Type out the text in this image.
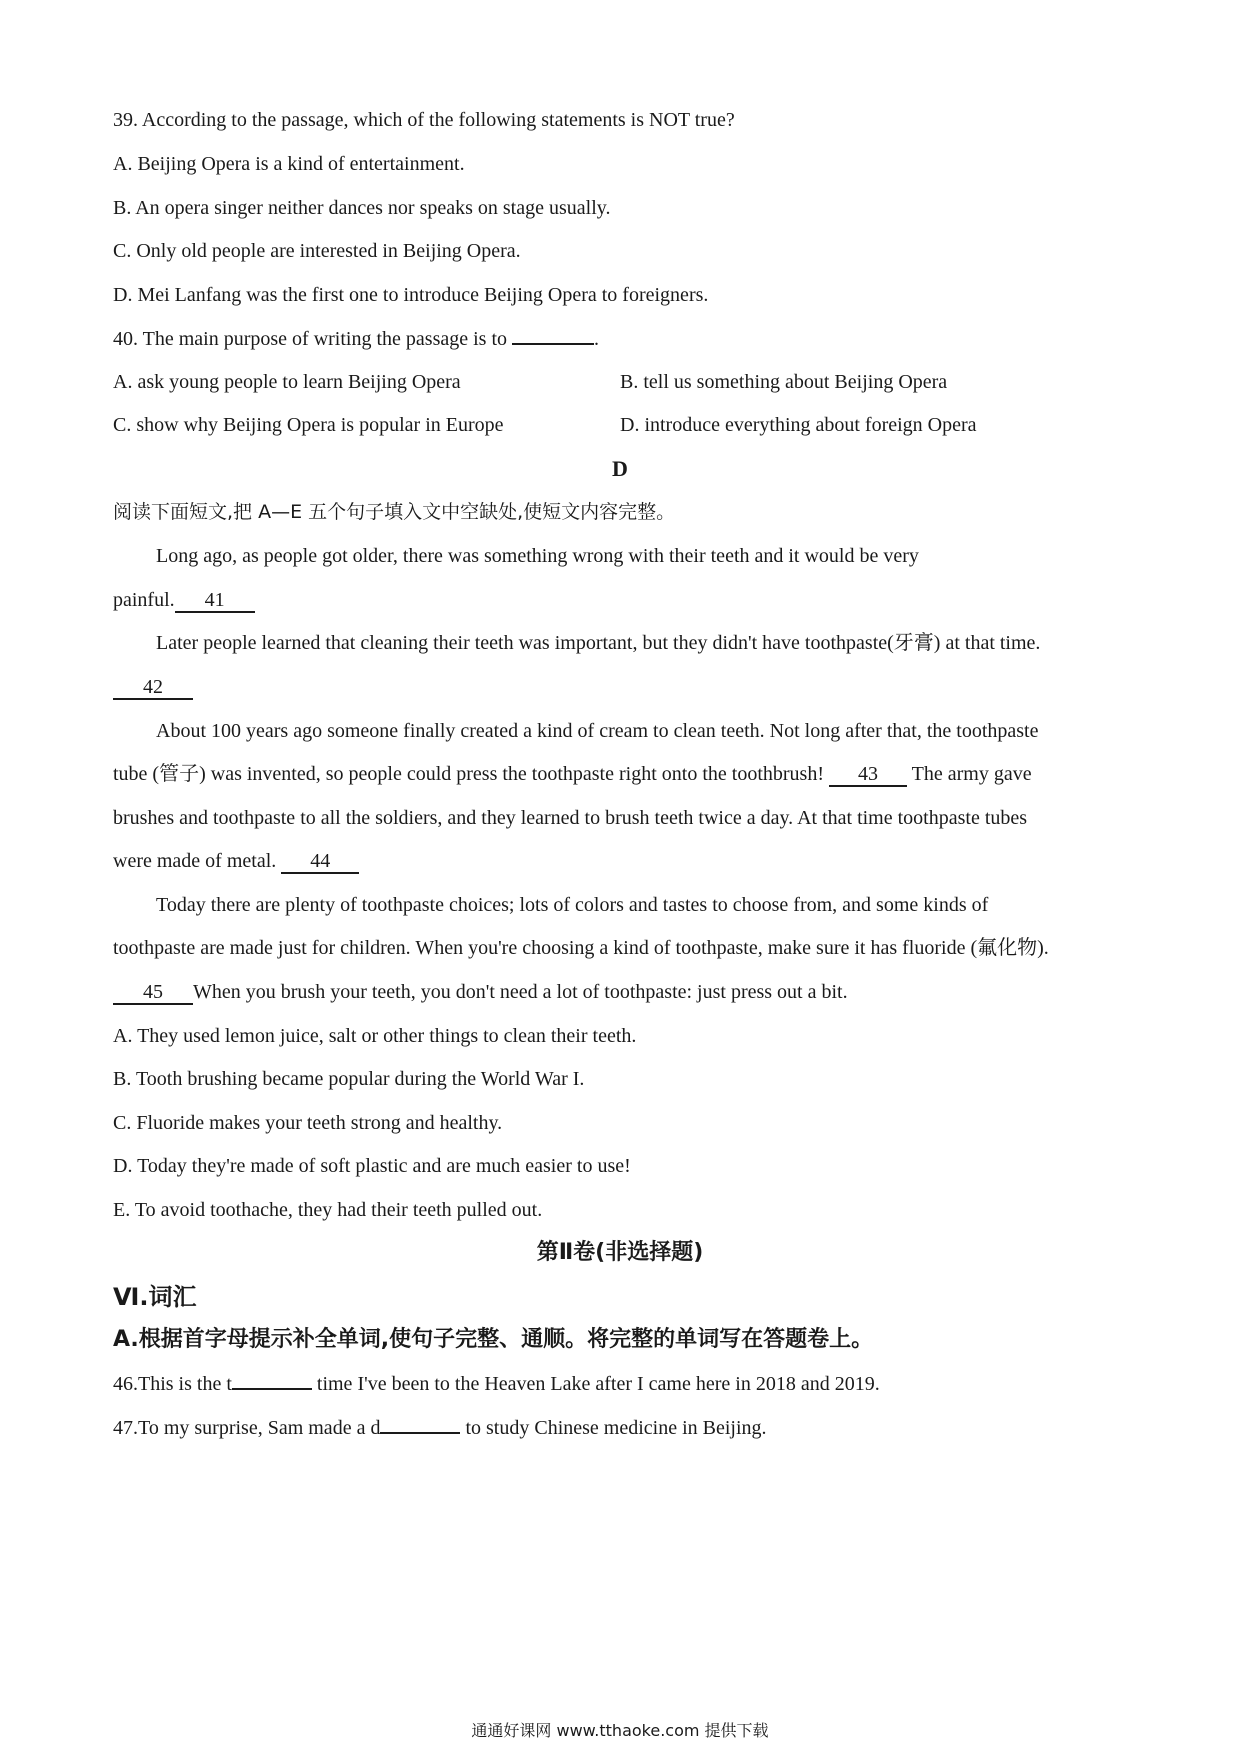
39. According to the passage, which of the following statements is NOT true?
A. Beijing Opera is a kind of entertainment.
B. An opera singer neither dances nor speaks on stage usually.
C. Only old people are interested in Beijing Opera.
D. Mei Lanfang was the first one to introduce Beijing Opera to foreigners.
40. The main purpose of writing the passage is to	.
A. ask young people to learn Beijing Opera	B. tell us something about Beijing Opera
C. show why Beijing Opera is popular in Europe	D. introduce everything about foreign Opera
D
阅读下面短文,把 A—E 五个句子填入文中空缺处,使短文内容完整。
Long ago, as people got older, there was something wrong with their teeth and it would be very
painful. 41
Later people learned that cleaning their teeth was important, but they didn't have toothpaste(牙膏) at that time.
42
About 100 years ago someone finally created a kind of cream to clean teeth. Not long after that, the toothpaste
tube (管子) was invented, so people could press the toothpaste right onto the toothbrush! 43 The army gave
brushes and toothpaste to all the soldiers, and they learned to brush teeth twice a day. At that time toothpaste tubes
were made of metal. 44
Today there are plenty of toothpaste choices; lots of colors and tastes to choose from, and some kinds of
toothpaste are made just for children. When you're choosing a kind of toothpaste, make sure it has fluoride (氟化物).
45 When you brush your teeth, you don't need a lot of toothpaste: just press out a bit.
A. They used lemon juice, salt or other things to clean their teeth.
B. Tooth brushing became popular during the World War I.
C. Fluoride makes your teeth strong and healthy.
D. Today they're made of soft plastic and are much easier to use!
E. To avoid toothache, they had their teeth pulled out.
第Ⅱ卷(非选择题)
Ⅵ.词汇
A.根据首字母提示补全单词,使句子完整、通顺。将完整的单词写在答题卷上。
46.This is the t	time I've been to the Heaven Lake after I came here in 2018 and 2019.
47.To my surprise, Sam made a d	to study Chinese medicine in Beijing.
通通好课网 www.tthaoke.com 提供下载
